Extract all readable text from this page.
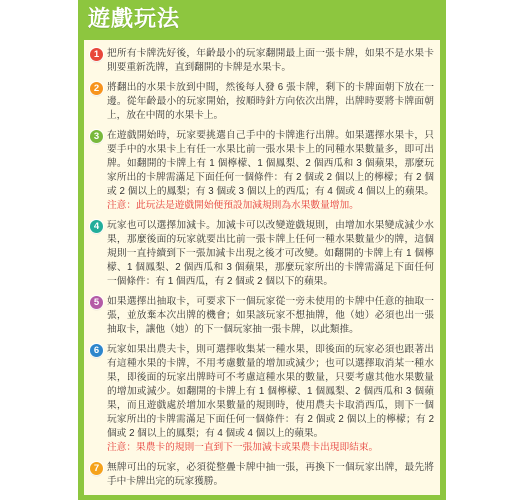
遊戲玩法
1 把所有卡牌洗好後，年齡最小的玩家翻開最上面一張卡牌，如果不是水果卡
則要重新洗牌，直到翻開的卡牌是水果卡。
2 將翻出的水果卡放到中間，然後每人發 6 張卡牌，剩下的卡牌面朝下放在一
邊。從年齡最小的玩家開始，按順時針方向依次出牌，出牌時要將卡牌面朝
上，放在中間的水果卡上。
3 在遊戲開始時，玩家要挑選自己手中的卡牌進行出牌。如果選擇水果卡，只
要手中的水果卡上有任一水果比前一張水果卡上的同種水果數量多，即可出
牌。如翻開的卡牌上有 1 個檸檬、1 個鳳梨、2 個西瓜和 3 個蘋果，那麼玩
家所出的卡牌需滿足下面任何一個條件：有 2 個或 2 個以上的檸檬；有 2 個
或 2 個以上的鳳梨；有 3 個或 3 個以上的西瓜；有 4 個或 4 個以上的蘋果。
注意：此玩法是遊戲開始便預設加減規則為水果數量增加。
4 玩家也可以選擇加減卡。加減卡可以改變遊戲規則，由增加水果變成減少水
果，那麼後面的玩家就要出比前一張卡牌上任何一種水果數量少的牌，這個
規則一直持續到下一張加減卡出現之後才可改變。如翻開的卡牌上有 1 個檸
檬、1 個鳳梨、2 個西瓜和 3 個蘋果，那麼玩家所出的卡牌需滿足下面任何
一個條件：有 1 個西瓜，有 2 個或 2 個以下的蘋果。
5 如果選擇出抽取卡，可要求下一個玩家從一旁未使用的卡牌中任意的抽取一
張，並放棄本次出牌的機會；如果該玩家不想抽牌，他（她）必須也出一張
抽取卡，讓他（她）的下一個玩家抽一張卡牌，以此類推。
6 玩家如果出農夫卡，則可選擇收集某一種水果，即後面的玩家必須也跟著出
有這種水果的卡牌，不用考慮數量的增加或減少；也可以選擇取消某一種水
果，即後面的玩家出牌時可不考慮這種水果的數量，只要考慮其他水果數量
的增加或減少。如翻開的卡牌上有 1 個檸檬、1 個鳳梨、2 個西瓜和 3 個蘋
果，而且遊戲處於增加水果數量的規則時，使用農夫卡取消西瓜，則下一個
玩家所出的卡牌需滿足下面任何一個條件：有 2 個或 2 個以上的檸檬；有 2
個或 2 個以上的鳳梨；有 4 個或 4 個以上的蘋果。
注意：果農卡的規則一直到下一張加減卡或果農卡出現即結束。
7 無牌可出的玩家，必須從整疊卡牌中抽一張，再換下一個玩家出牌，最先將
手中卡牌出完的玩家獲勝。
